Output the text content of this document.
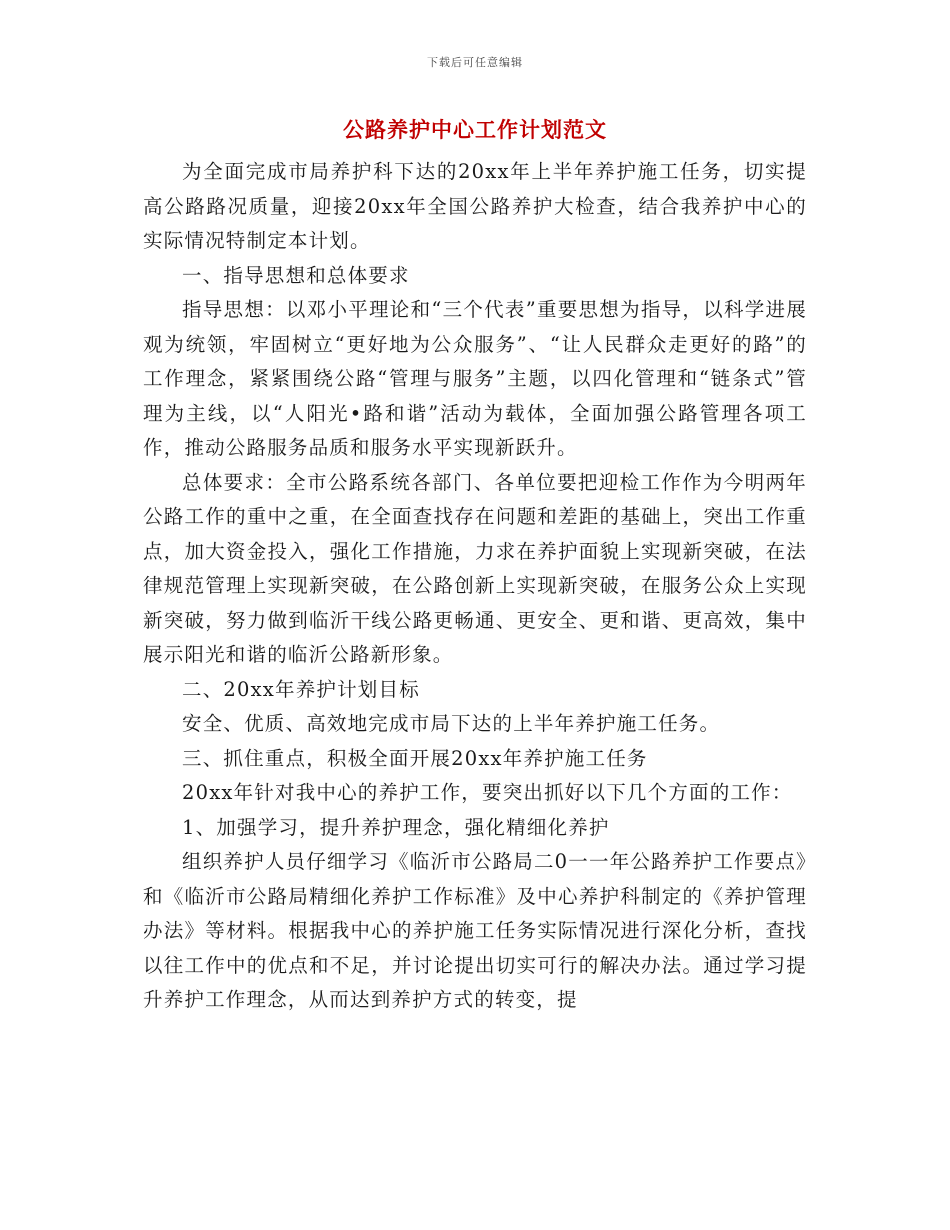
下载后可任意编辑
公路养护中心工作计划范文

为全面完成市局养护科下达的20xx年上半年养护施工任务，切实提高公路路况质量，迎接20xx年全国公路养护大检查，结合我养护中心的实际情况特制定本计划。

一、指导思想和总体要求

指导思想：以邓小平理论和“三个代表”重要思想为指导，以科学进展观为统领，牢固树立“更好地为公众服务”、“让人民群众走更好的路”的工作理念，紧紧围绕公路“管理与服务”主题，以四化管理和“链条式”管理为主线，以“人阳光•路和谐”活动为载体，全面加强公路管理各项工作，推动公路服务品质和服务水平实现新跃升。

总体要求：全市公路系统各部门、各单位要把迎检工作作为今明两年公路工作的重中之重，在全面查找存在问题和差距的基础上，突出工作重点，加大资金投入，强化工作措施，力求在养护面貌上实现新突破，在法律规范管理上实现新突破，在公路创新上实现新突破，在服务公众上实现新突破，努力做到临沂干线公路更畅通、更安全、更和谐、更高效，集中展示阳光和谐的临沂公路新形象。

二、20xx年养护计划目标

安全、优质、高效地完成市局下达的上半年养护施工任务。

三、抓住重点，积极全面开展20xx年养护施工任务

20xx年针对我中心的养护工作，要突出抓好以下几个方面的工作：

1、加强学习，提升养护理念，强化精细化养护

组织养护人员仔细学习《临沂市公路局二0一一年公路养护工作要点》和《临沂市公路局精细化养护工作标准》及中心养护科制定的《养护管理办法》等材料。根据我中心的养护施工任务实际情况进行深化分析，查找以往工作中的优点和不足，并讨论提出切实可行的解决办法。通过学习提升养护工作理念，从而达到养护方式的转变，提
